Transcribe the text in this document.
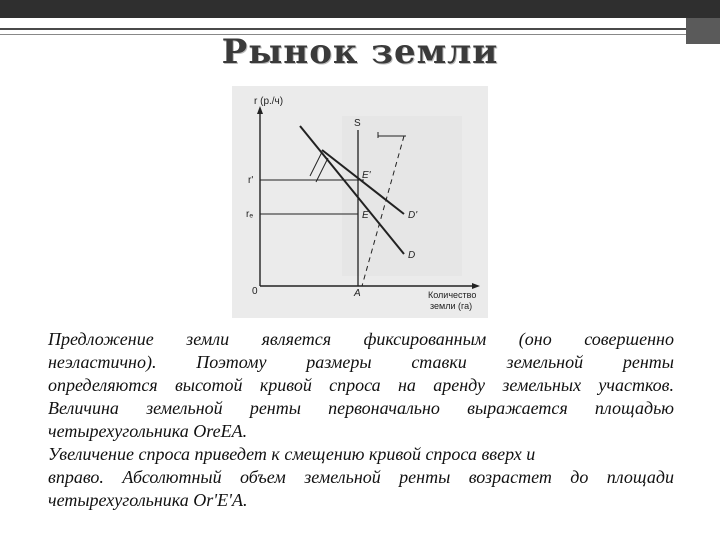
Рынок земли
r (р./ч)
r'
rₑ
0
S
E'
E	D'
D
A	Количество
земли (га)

Предложение земли является фиксированным (оно совершенно

неэластично). Поэтому размеры ставки земельной ренты

определяются высотой кривой спроса на аренду земельных участков.

Величина земельной ренты первоначально выражается площадью

четырехугольника OreEA.

Увеличение спроса приведет к смещению кривой спроса вверх и

вправо. Абсолютный объем земельной ренты возрастет до площади

четырехугольника Or'E'A.
